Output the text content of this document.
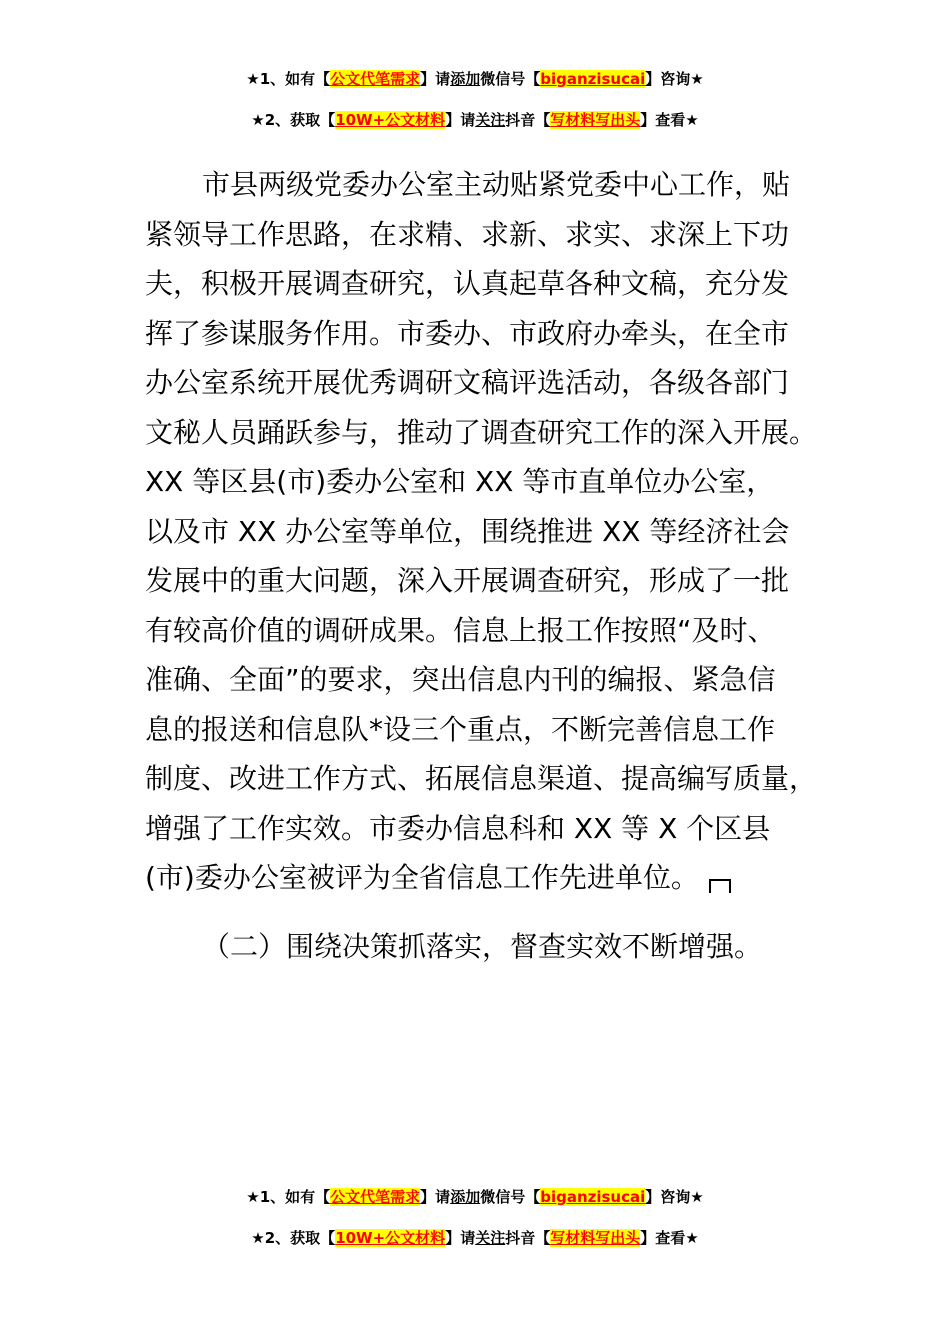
★1、如有【公文代笔需求】请添加微信号【biganzisucai】咨询★
★2、获取【10W+公文材料】请关注抖音【写材料写出头】查看★
市县两级党委办公室主动贴紧党委中心工作，贴
紧领导工作思路，在求精、求新、求实、求深上下功
夫，积极开展调查研究，认真起草各种文稿，充分发
挥了参谋服务作用。市委办、市政府办牵头，在全市
办公室系统开展优秀调研文稿评选活动，各级各部门
文秘人员踊跃参与，推动了调查研究工作的深入开展。
XX 等区县(市)委办公室和 XX 等市直单位办公室，
以及市 XX 办公室等单位，围绕推进 XX 等经济社会
发展中的重大问题，深入开展调查研究，形成了一批
有较高价值的调研成果。信息上报工作按照“及时、
准确、全面”的要求，突出信息内刊的编报、紧急信
息的报送和信息队*设三个重点，不断完善信息工作
制度、改进工作方式、拓展信息渠道、提高编写质量，
增强了工作实效。市委办信息科和 XX 等 X 个区县
(市)委办公室被评为全省信息工作先进单位。
（二）围绕决策抓落实，督查实效不断增强。
★1、如有【公文代笔需求】请添加微信号【biganzisucai】咨询★
★2、获取【10W+公文材料】请关注抖音【写材料写出头】查看★
